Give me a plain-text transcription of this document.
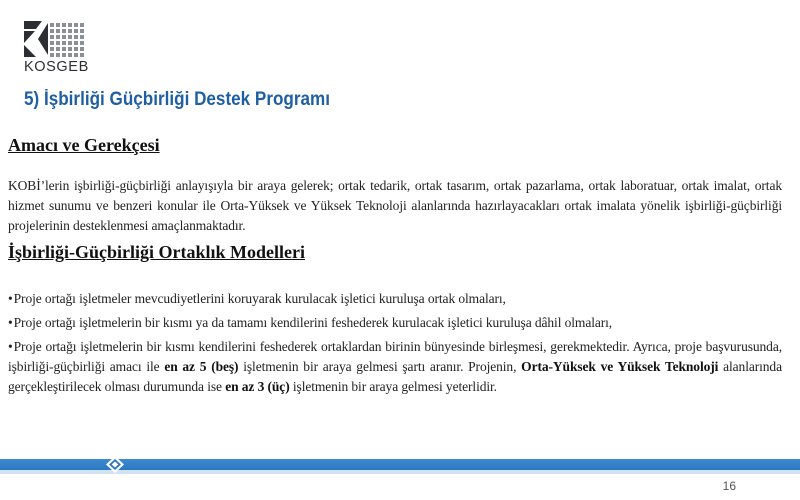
KOSGEB
5) İşbirliği Güçbirliği Destek Programı
Amacı ve Gerekçesi

KOBİ’lerin işbirliği-güçbirliği anlayışıyla bir araya gelerek; ortak tedarik, ortak tasarım, ortak pazarlama, ortak laboratuar, ortak imalat, ortak hizmet sunumu ve benzeri konular ile Orta-Yüksek ve Yüksek Teknoloji alanlarında hazırlayacakları ortak imalata yönelik işbirliği-güçbirliği projelerinin desteklenmesi amaçlanmaktadır.

İşbirliği-Güçbirliği Ortaklık Modelleri
•Proje ortağı işletmeler mevcudiyetlerini koruyarak kurulacak işletici kuruluşa ortak olmaları,
•Proje ortağı işletmelerin bir kısmı ya da tamamı kendilerini feshederek kurulacak işletici kuruluşa dâhil olmaları,
•Proje ortağı işletmelerin bir kısmı kendilerini feshederek ortaklardan birinin bünyesinde birleşmesi, gerekmektedir. Ayrıca, proje başvurusunda, işbirliği-güçbirliği amacı ile en az 5 (beş) işletmenin bir araya gelmesi şartı aranır. Projenin, Orta-Yüksek ve Yüksek Teknoloji alanlarında gerçekleştirilecek olması durumunda ise en az 3 (üç) işletmenin bir araya gelmesi yeterlidir.
16
